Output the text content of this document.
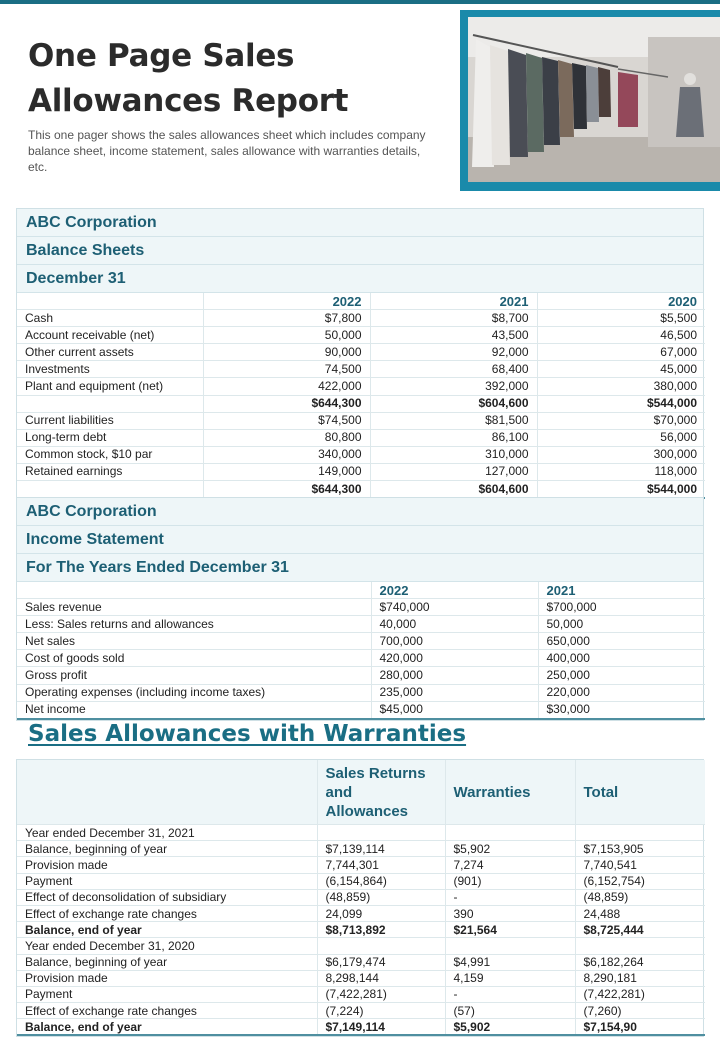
One Page Sales
Allowances Report

This one pager shows the sales allowances sheet which includes company balance sheet, income statement, sales allowance with warranties details, etc.

ABC Corporation
Balance Sheets
December 31
	2022	2021	2020
Cash	$7,800	$8,700	$5,500
Account receivable (net)	50,000	43,500	46,500
Other current assets	90,000	92,000	67,000
Investments	74,500	68,400	45,000
Plant and equipment (net)	422,000	392,000	380,000
	$644,300	$604,600	$544,000
Current liabilities	$74,500	$81,500	$70,000
Long-term debt	80,800	86,100	56,000
Common stock, $10 par	340,000	310,000	300,000
Retained earnings	149,000	127,000	118,000
	$644,300	$604,600	$544,000
ABC Corporation
Income Statement
For The Years Ended December 31
	2022	2021
Sales revenue	$740,000	$700,000
Less: Sales returns and allowances	40,000	50,000
Net sales	700,000	650,000
Cost of goods sold	420,000	400,000
Gross profit	280,000	250,000
Operating expenses (including income taxes)	235,000	220,000
Net income	$45,000	$30,000
Sales Allowances with Warranties
	Sales Returns and Allowances	Warranties	Total
Year ended December 31, 2021			
Balance, beginning of year	$7,139,114	$5,902	$7,153,905
Provision made	7,744,301	7,274	7,740,541
Payment	(6,154,864)	(901)	(6,152,754)
Effect of deconsolidation of subsidiary	(48,859)	-	(48,859)
Effect of exchange rate changes	24,099	390	24,488
Balance, end of year	$8,713,892	$21,564	$8,725,444
Year ended December 31, 2020			
Balance, beginning of year	$6,179,474	$4,991	$6,182,264
Provision made	8,298,144	4,159	8,290,181
Payment	(7,422,281)	-	(7,422,281)
Effect of exchange rate changes	(7,224)	(57)	(7,260)
Balance, end of year	$7,149,114	$5,902	$7,154,90
